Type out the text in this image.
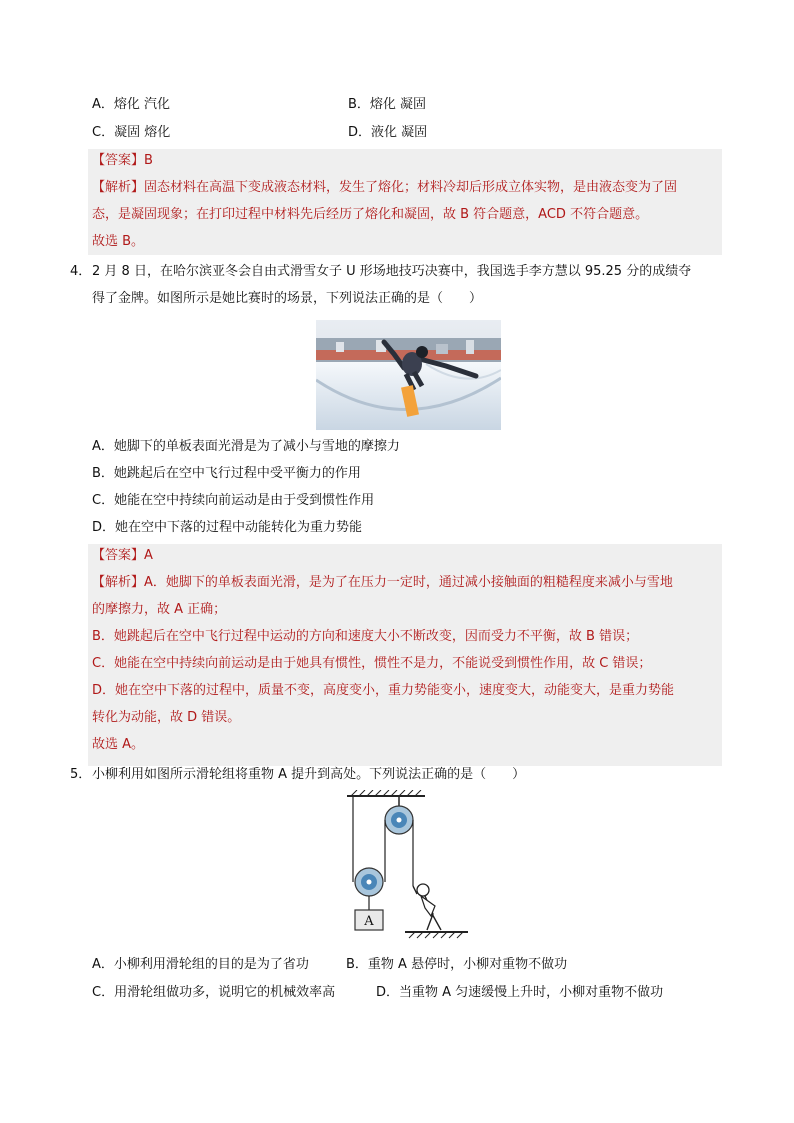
A．熔化 汽化	B．熔化 凝固
C．凝固 熔化	D．液化 凝固
【答案】B
【解析】固态材料在高温下变成液态材料，发生了熔化；材料冷却后形成立体实物，是由液态变为了固
态，是凝固现象；在打印过程中材料先后经历了熔化和凝固，故 B 符合题意，ACD 不符合题意。
故选 B。
4． 2 月 8 日，在哈尔滨亚冬会自由式滑雪女子 U 形场地技巧决赛中，我国选手李方慧以 95.25 分的成绩夺
得了金牌。如图所示是她比赛时的场景，下列说法正确的是（　　）
A．她脚下的单板表面光滑是为了减小与雪地的摩擦力
B．她跳起后在空中飞行过程中受平衡力的作用
C．她能在空中持续向前运动是由于受到惯性作用
D．她在空中下落的过程中动能转化为重力势能
【答案】A
【解析】A．她脚下的单板表面光滑，是为了在压力一定时，通过减小接触面的粗糙程度来减小与雪地
的摩擦力，故 A 正确；
B．她跳起后在空中飞行过程中运动的方向和速度大小不断改变，因而受力不平衡，故 B 错误；
C．她能在空中持续向前运动是由于她具有惯性，惯性不是力，不能说受到惯性作用，故 C 错误；
D．她在空中下落的过程中，质量不变，高度变小，重力势能变小，速度变大，动能变大，是重力势能
转化为动能，故 D 错误。
故选 A。
5． 小柳利用如图所示滑轮组将重物 A 提升到高处。下列说法正确的是（　　）
A
A．小柳利用滑轮组的目的是为了省功	B．重物 A 悬停时，小柳对重物不做功
C．用滑轮组做功多，说明它的机械效率高	D．当重物 A 匀速缓慢上升时，小柳对重物不做功
